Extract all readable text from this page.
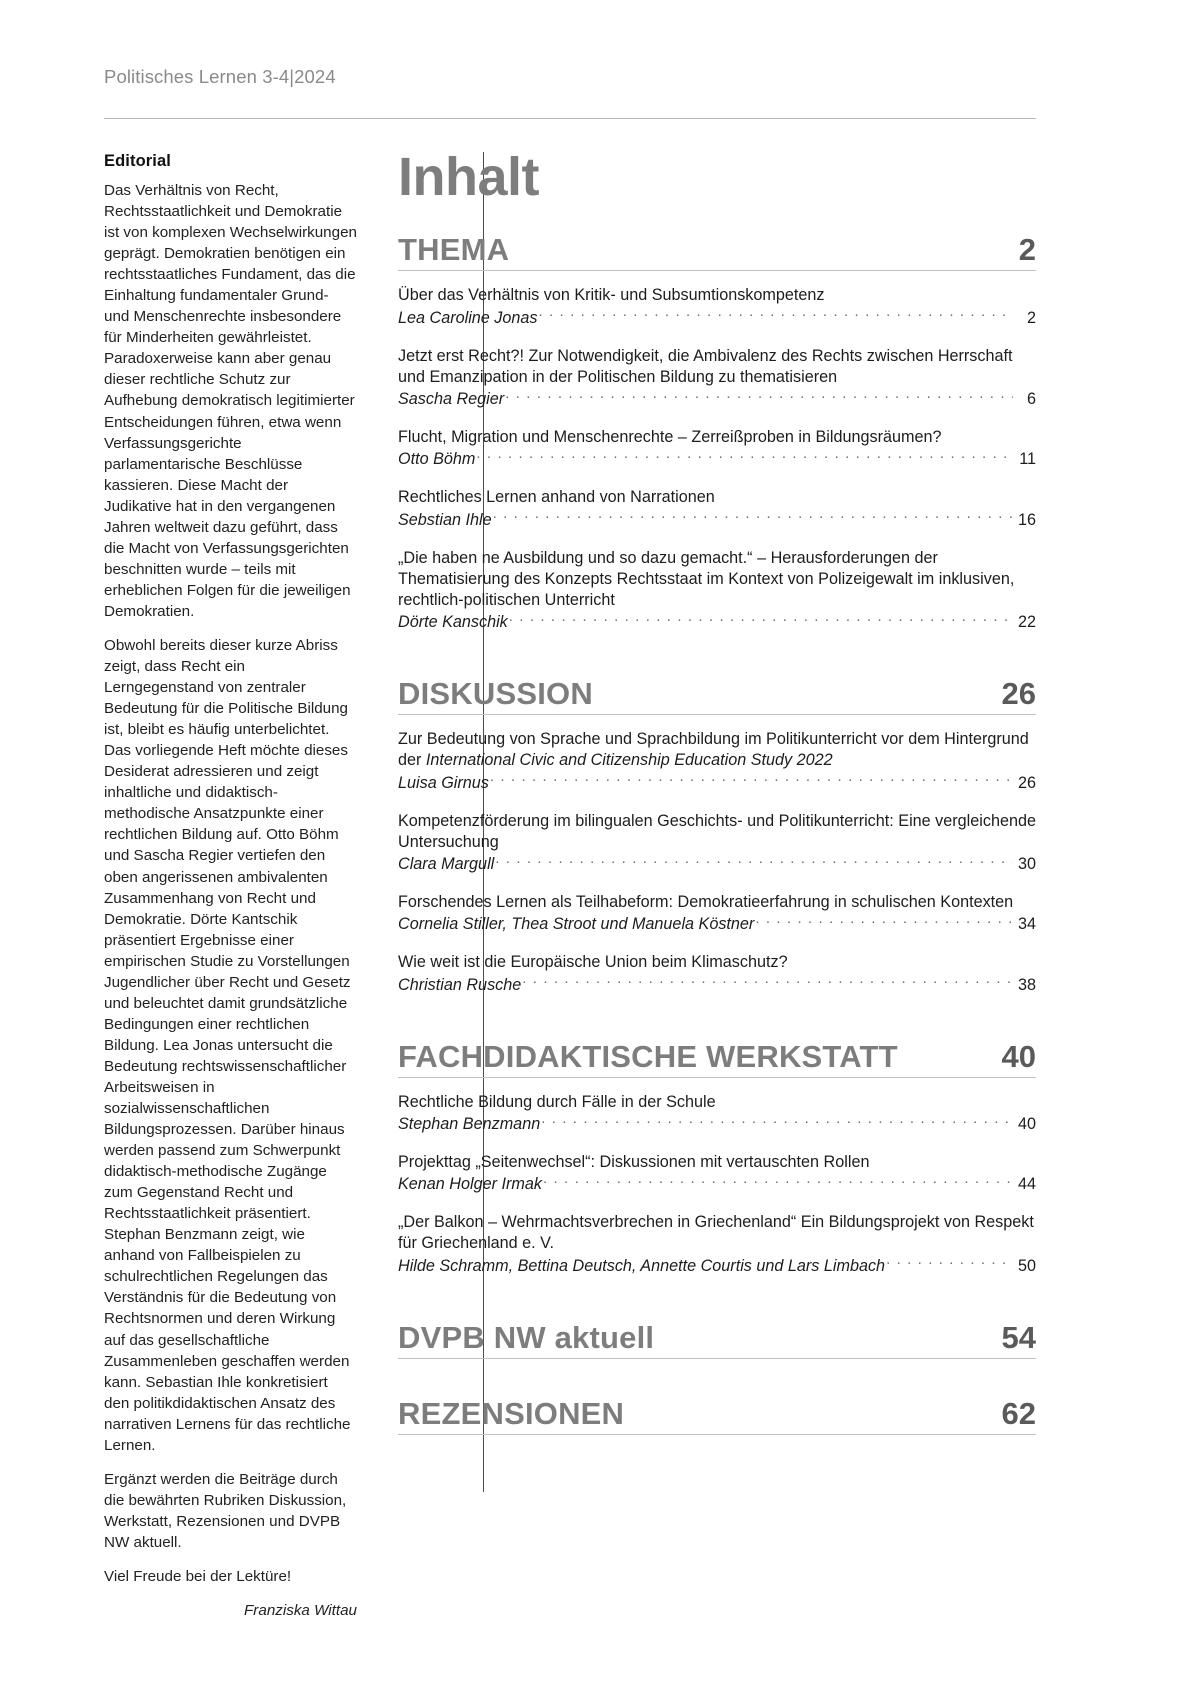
Politisches Lernen 3-4|2024
Editorial

Das Verhältnis von Recht, Rechtsstaatlichkeit und Demokratie ist von komplexen Wechselwirkungen geprägt. Demokratien benötigen ein rechtsstaatliches Fundament, das die Einhaltung fundamentaler Grund- und Menschenrechte insbesondere für Minderheiten gewährleistet. Paradoxerweise kann aber genau dieser rechtliche Schutz zur Aufhebung demokratisch legitimierter Entscheidungen führen, etwa wenn Verfassungsgerichte parlamentarische Beschlüsse kassieren. Diese Macht der Judikative hat in den vergangenen Jahren weltweit dazu geführt, dass die Macht von Verfassungsgerichten beschnitten wurde – teils mit erheblichen Folgen für die jeweiligen Demokratien.

Obwohl bereits dieser kurze Abriss zeigt, dass Recht ein Lerngegenstand von zentraler Bedeutung für die Politische Bildung ist, bleibt es häufig unterbelichtet. Das vorliegende Heft möchte dieses Desiderat adressieren und zeigt inhaltliche und didaktisch-methodische Ansatzpunkte einer rechtlichen Bildung auf. Otto Böhm und Sascha Regier vertiefen den oben angerissenen ambivalenten Zusammenhang von Recht und Demokratie. Dörte Kantschik präsentiert Ergebnisse einer empirischen Studie zu Vorstellungen Jugendlicher über Recht und Gesetz und beleuchtet damit grundsätzliche Bedingungen einer rechtlichen Bildung. Lea Jonas untersucht die Bedeutung rechtswissenschaftlicher Arbeitsweisen in sozialwissenschaftlichen Bildungsprozessen. Darüber hinaus werden passend zum Schwerpunkt didaktisch-methodische Zugänge zum Gegenstand Recht und Rechtsstaatlichkeit präsentiert. Stephan Benzmann zeigt, wie anhand von Fallbeispielen zu schulrechtlichen Regelungen das Verständnis für die Bedeutung von Rechtsnormen und deren Wirkung auf das gesellschaftliche Zusammenleben geschaffen werden kann. Sebastian Ihle konkretisiert den politikdidaktischen Ansatz des narrativen Lernens für das rechtliche Lernen.

Ergänzt werden die Beiträge durch die bewährten Rubriken Diskussion, Werkstatt, Rezensionen und DVPB NW aktuell.

Viel Freude bei der Lektüre!

Franziska Wittau

Inhalt
THEMA	2
Über das Verhältnis von Kritik- und Subsumtionskompetenz
Lea Caroline Jonas . . .	2
Jetzt erst Recht?! Zur Notwendigkeit, die Ambivalenz des Rechts zwischen Herrschaft und Emanzipation in der Politischen Bildung zu thematisieren
Sascha Regier . . .	6
Flucht, Migration und Menschenrechte – Zerreißproben in Bildungsräumen?
Otto Böhm . . .	11
Rechtliches Lernen anhand von Narrationen
Sebstian Ihle . . .	16
„Die haben ne Ausbildung und so dazu gemacht.“ – Herausforderungen der Thematisierung des Konzepts Rechtsstaat im Kontext von Polizeigewalt im inklusiven, rechtlich-politischen Unterricht
Dörte Kanschik . . .	22
DISKUSSION	26
Zur Bedeutung von Sprache und Sprachbildung im Politikunterricht vor dem Hintergrund der International Civic and Citizenship Education Study 2022
Luisa Girnus . . .	26
Kompetenzförderung im bilingualen Geschichts- und Politikunterricht: Eine vergleichende Untersuchung
Clara Margull . . .	30
Forschendes Lernen als Teilhabeform: Demokratieerfahrung in schulischen Kontexten
Cornelia Stiller, Thea Stroot und Manuela Köstner . . .	34
Wie weit ist die Europäische Union beim Klimaschutz?
Christian Rusche . . .	38
FACHDIDAKTISCHE WERKSTATT	40
Rechtliche Bildung durch Fälle in der Schule
Stephan Benzmann . . .	40
Projekttag „Seitenwechsel“: Diskussionen mit vertauschten Rollen
Kenan Holger Irmak . . .	44
„Der Balkon – Wehrmachtsverbrechen in Griechenland“ Ein Bildungsprojekt von Respekt für Griechenland e. V.
Hilde Schramm, Bettina Deutsch, Annette Courtis und Lars Limbach . . .	50
DVPB NW aktuell	54
REZENSIONEN	62
